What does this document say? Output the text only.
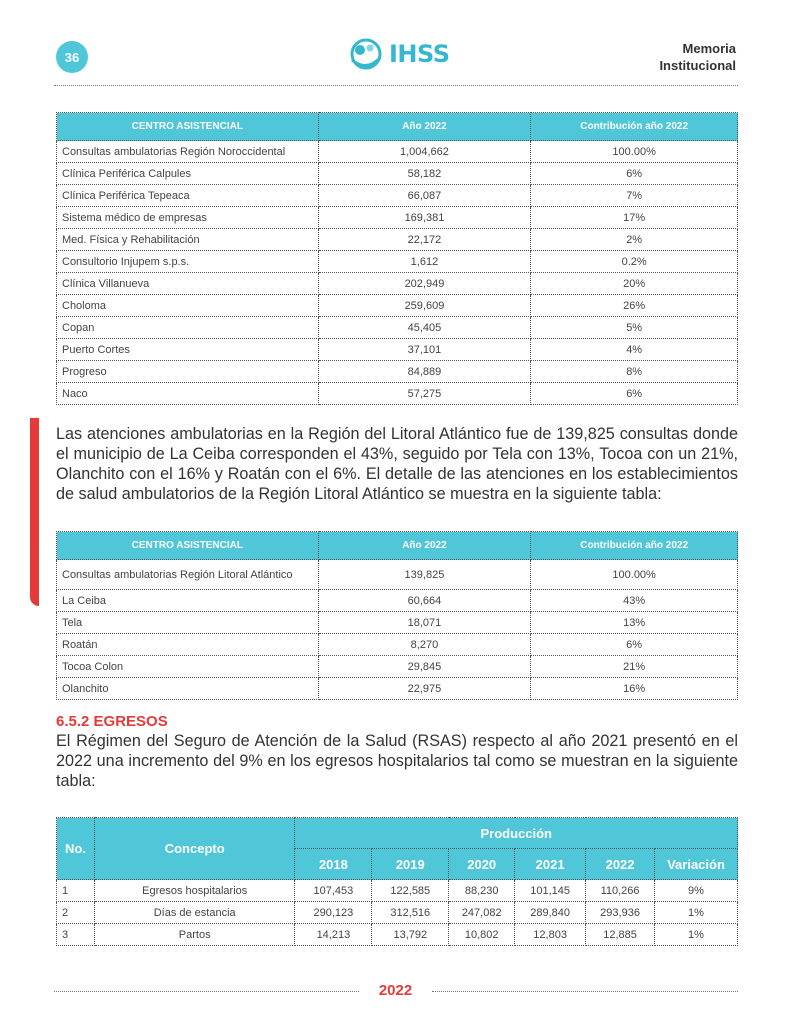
36	IHSS	Memoria
Institucional
CENTRO ASISTENCIAL	Año 2022	Contribución año 2022
Consultas ambulatorias Región Noroccidental	1,004,662	100.00%
Clínica Periférica Calpules	58,182	6%
Clínica Periférica Tepeaca	66,087	7%
Sistema médico de empresas	169,381	17%
Med. Física y Rehabilitación	22,172	2%
Consultorio Injupem s.p.s.	1,612	0.2%
Clínica Villanueva	202,949	20%
Choloma	259,609	26%
Copan	45,405	5%
Puerto Cortes	37,101	4%
Progreso	84,889	8%
Naco	57,275	6%

Las atenciones ambulatorias en la Región del Litoral Atlántico fue de 139,825 consultas donde el municipio de La Ceiba corresponden el 43%, seguido por Tela con 13%, Tocoa con un 21%, Olanchito con el 16% y Roatán con el 6%. El detalle de las atenciones en los establecimientos de salud ambulatorios de la Región Litoral Atlántico se muestra en la siguiente tabla:

CENTRO ASISTENCIAL	Año 2022	Contribución año 2022
Consultas ambulatorias Región Litoral Atlántico	139,825	100.00%
La Ceiba	60,664	43%
Tela	18,071	13%
Roatán	8,270	6%
Tocoa Colon	29,845	21%
Olanchito	22,975	16%
6.5.2 EGRESOS

El Régimen del Seguro de Atención de la Salud (RSAS) respecto al año 2021 presentó en el 2022 una incremento del 9% en los egresos hospitalarios tal como se muestran en la siguiente tabla:

No.	Concepto	Producción					
		2018	2019	2020	2021	2022	Variación
1	Egresos hospitalarios	107,453	122,585	88,230	101,145	110,266	9%
2	Días de estancia	290,123	312,516	247,082	289,840	293,936	1%
3	Partos	14,213	13,792	10,802	12,803	12,885	1%
2022
